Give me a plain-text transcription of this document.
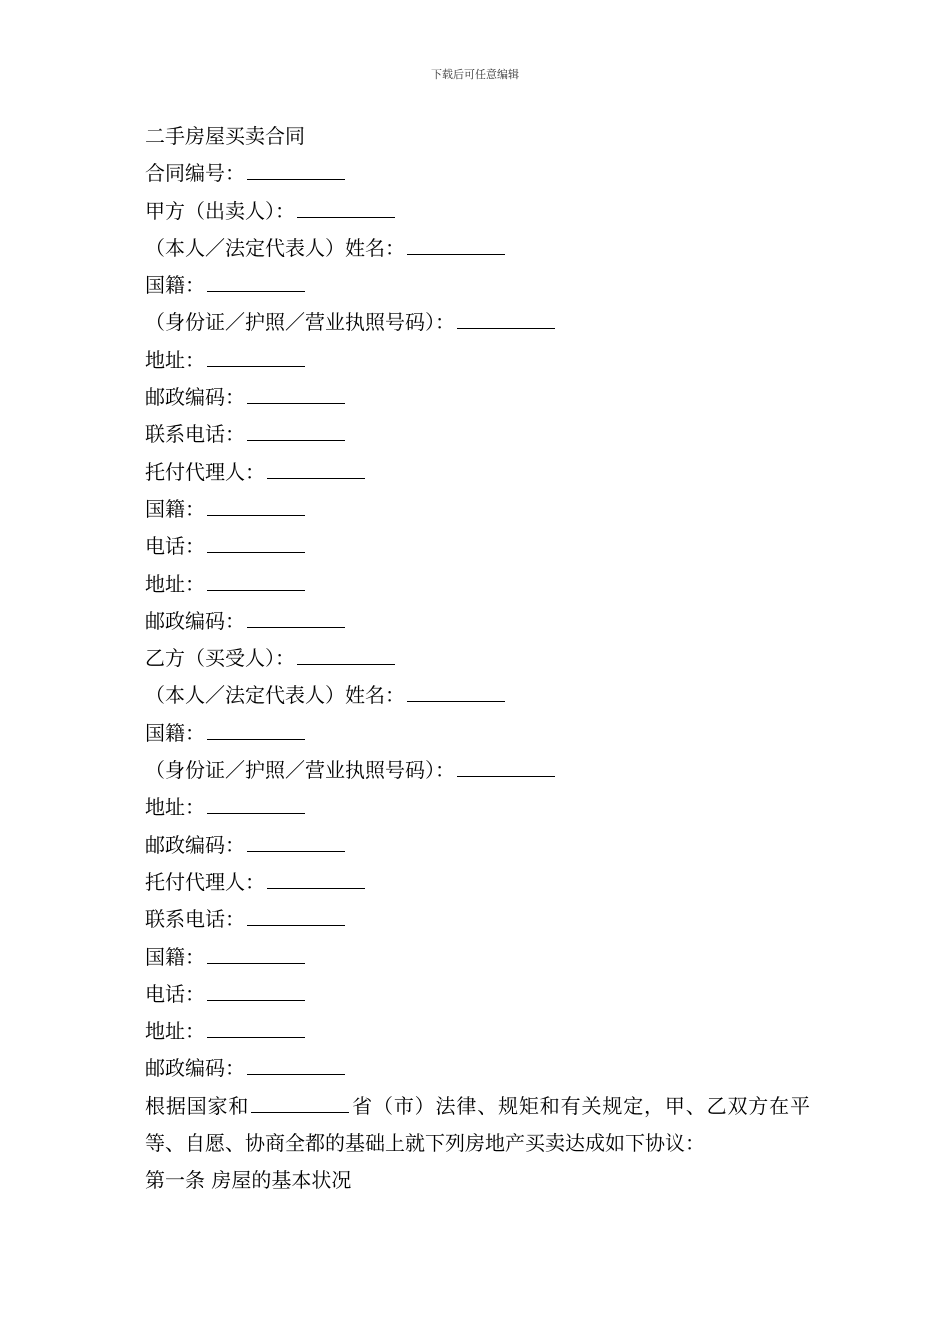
下载后可任意编辑
二手房屋买卖合同
合同编号：
甲方（出卖人）：
（本人／法定代表人）姓名：
国籍：
（身份证／护照／营业执照号码）：
地址：
邮政编码：
联系电话：
托付代理人：
国籍：
电话：
地址：
邮政编码：
乙方（买受人）：
（本人／法定代表人）姓名：
国籍：
（身份证／护照／营业执照号码）：
地址：
邮政编码：
托付代理人：
联系电话：
国籍：
电话：
地址：
邮政编码：
根据国家和	省（市）法律、规矩和有关规定，甲、乙双方在平等、自愿、协商全都的基础上就下列房地产买卖达成如下协议：
第一条 房屋的基本状况
